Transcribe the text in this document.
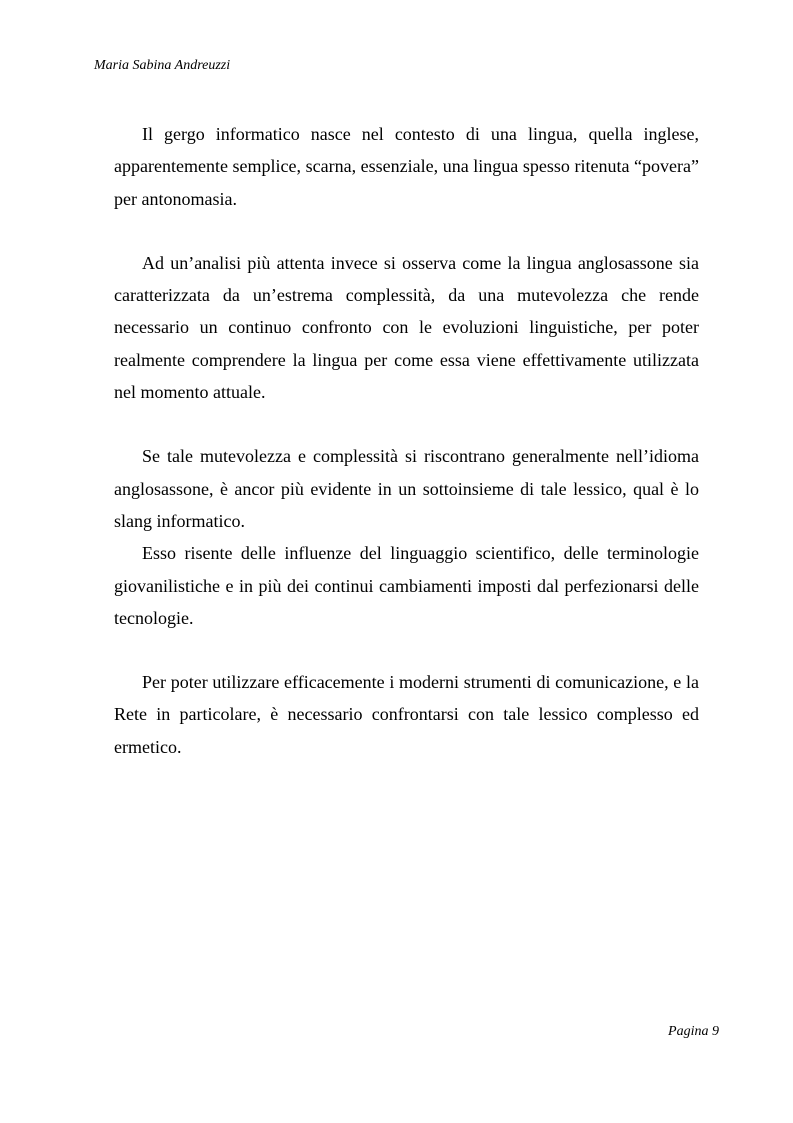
Maria Sabina Andreuzzi

Il gergo informatico nasce nel contesto di una lingua, quella inglese, apparentemente semplice, scarna, essenziale, una lingua spesso ritenuta “povera” per antonomasia.

Ad un’analisi più attenta invece si osserva come la lingua anglosassone sia caratterizzata da un’estrema complessità, da una mutevolezza che rende necessario un continuo confronto con le evoluzioni linguistiche, per poter realmente comprendere la lingua per come essa viene effettivamente utilizzata nel momento attuale.

Se tale mutevolezza e complessità si riscontrano generalmente nell’idioma anglosassone, è ancor più evidente in un sottoinsieme di tale lessico, qual è lo slang informatico.

Esso risente delle influenze del linguaggio scientifico, delle terminologie giovanilistiche e in più dei continui cambiamenti imposti dal perfezionarsi delle tecnologie.

Per poter utilizzare efficacemente i moderni strumenti di comunicazione, e la Rete in particolare, è necessario confrontarsi con tale lessico complesso ed ermetico.

Pagina 9
